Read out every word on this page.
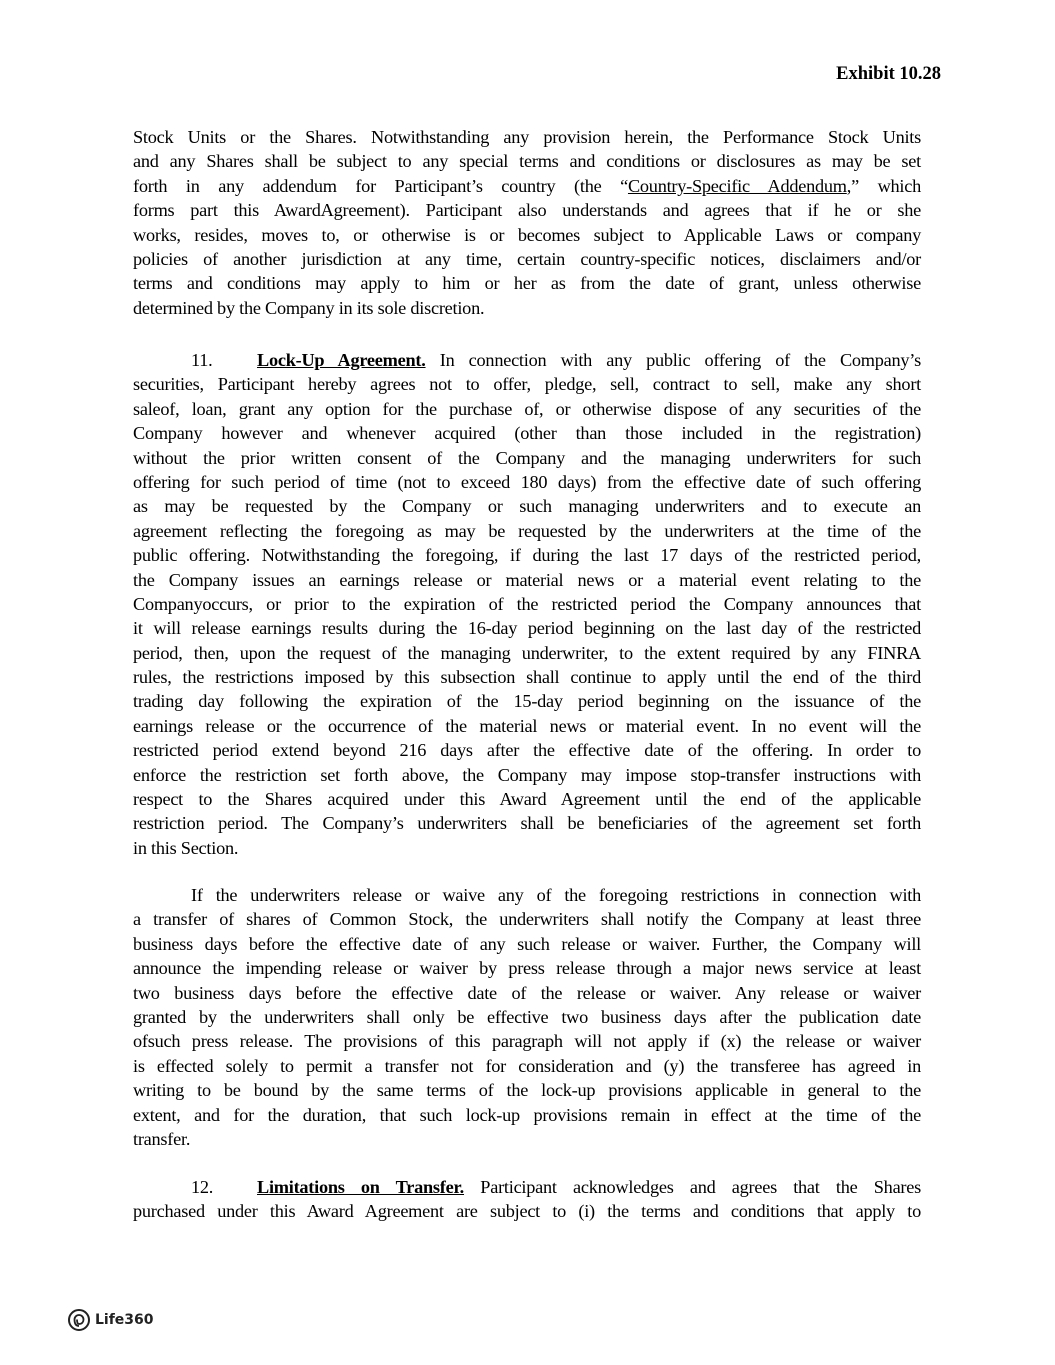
Exhibit 10.28
Stock Units or the Shares. Notwithstanding any provision herein, the Performance Stock Units
and any Shares shall be subject to any special terms and conditions or disclosures as may be set
forth in any addendum for Participant’s country (the “Country-Specific Addendum,” which
forms part this AwardAgreement). Participant also understands and agrees that if he or she
works, resides, moves to, or otherwise is or becomes subject to Applicable Laws or company
policies of another jurisdiction at any time, certain country-specific notices, disclaimers and/or
terms and conditions may apply to him or her as from the date of grant, unless otherwise
determined by the Company in its sole discretion.
11. Lock-Up Agreement. In connection with any public offering of the Company’s
securities, Participant hereby agrees not to offer, pledge, sell, contract to sell, make any short
saleof, loan, grant any option for the purchase of, or otherwise dispose of any securities of the
Company however and whenever acquired (other than those included in the registration)
without the prior written consent of the Company and the managing underwriters for such
offering for such period of time (not to exceed 180 days) from the effective date of such offering
as may be requested by the Company or such managing underwriters and to execute an
agreement reflecting the foregoing as may be requested by the underwriters at the time of the
public offering. Notwithstanding the foregoing, if during the last 17 days of the restricted period,
the Company issues an earnings release or material news or a material event relating to the
Companyoccurs, or prior to the expiration of the restricted period the Company announces that
it will release earnings results during the 16-day period beginning on the last day of the restricted
period, then, upon the request of the managing underwriter, to the extent required by any FINRA
rules, the restrictions imposed by this subsection shall continue to apply until the end of the third
trading day following the expiration of the 15-day period beginning on the issuance of the
earnings release or the occurrence of the material news or material event. In no event will the
restricted period extend beyond 216 days after the effective date of the offering. In order to
enforce the restriction set forth above, the Company may impose stop-transfer instructions with
respect to the Shares acquired under this Award Agreement until the end of the applicable
restriction period. The Company’s underwriters shall be beneficiaries of the agreement set forth
in this Section.
If the underwriters release or waive any of the foregoing restrictions in connection with
a transfer of shares of Common Stock, the underwriters shall notify the Company at least three
business days before the effective date of any such release or waiver. Further, the Company will
announce the impending release or waiver by press release through a major news service at least
two business days before the effective date of the release or waiver. Any release or waiver
granted by the underwriters shall only be effective two business days after the publication date
ofsuch press release. The provisions of this paragraph will not apply if (x) the release or waiver
is effected solely to permit a transfer not for consideration and (y) the transferee has agreed in
writing to be bound by the same terms of the lock-up provisions applicable in general to the
extent, and for the duration, that such lock-up provisions remain in effect at the time of the
transfer.
12. Limitations on Transfer. Participant acknowledges and agrees that the Shares
purchased under this Award Agreement are subject to (i) the terms and conditions that apply to
Life360
